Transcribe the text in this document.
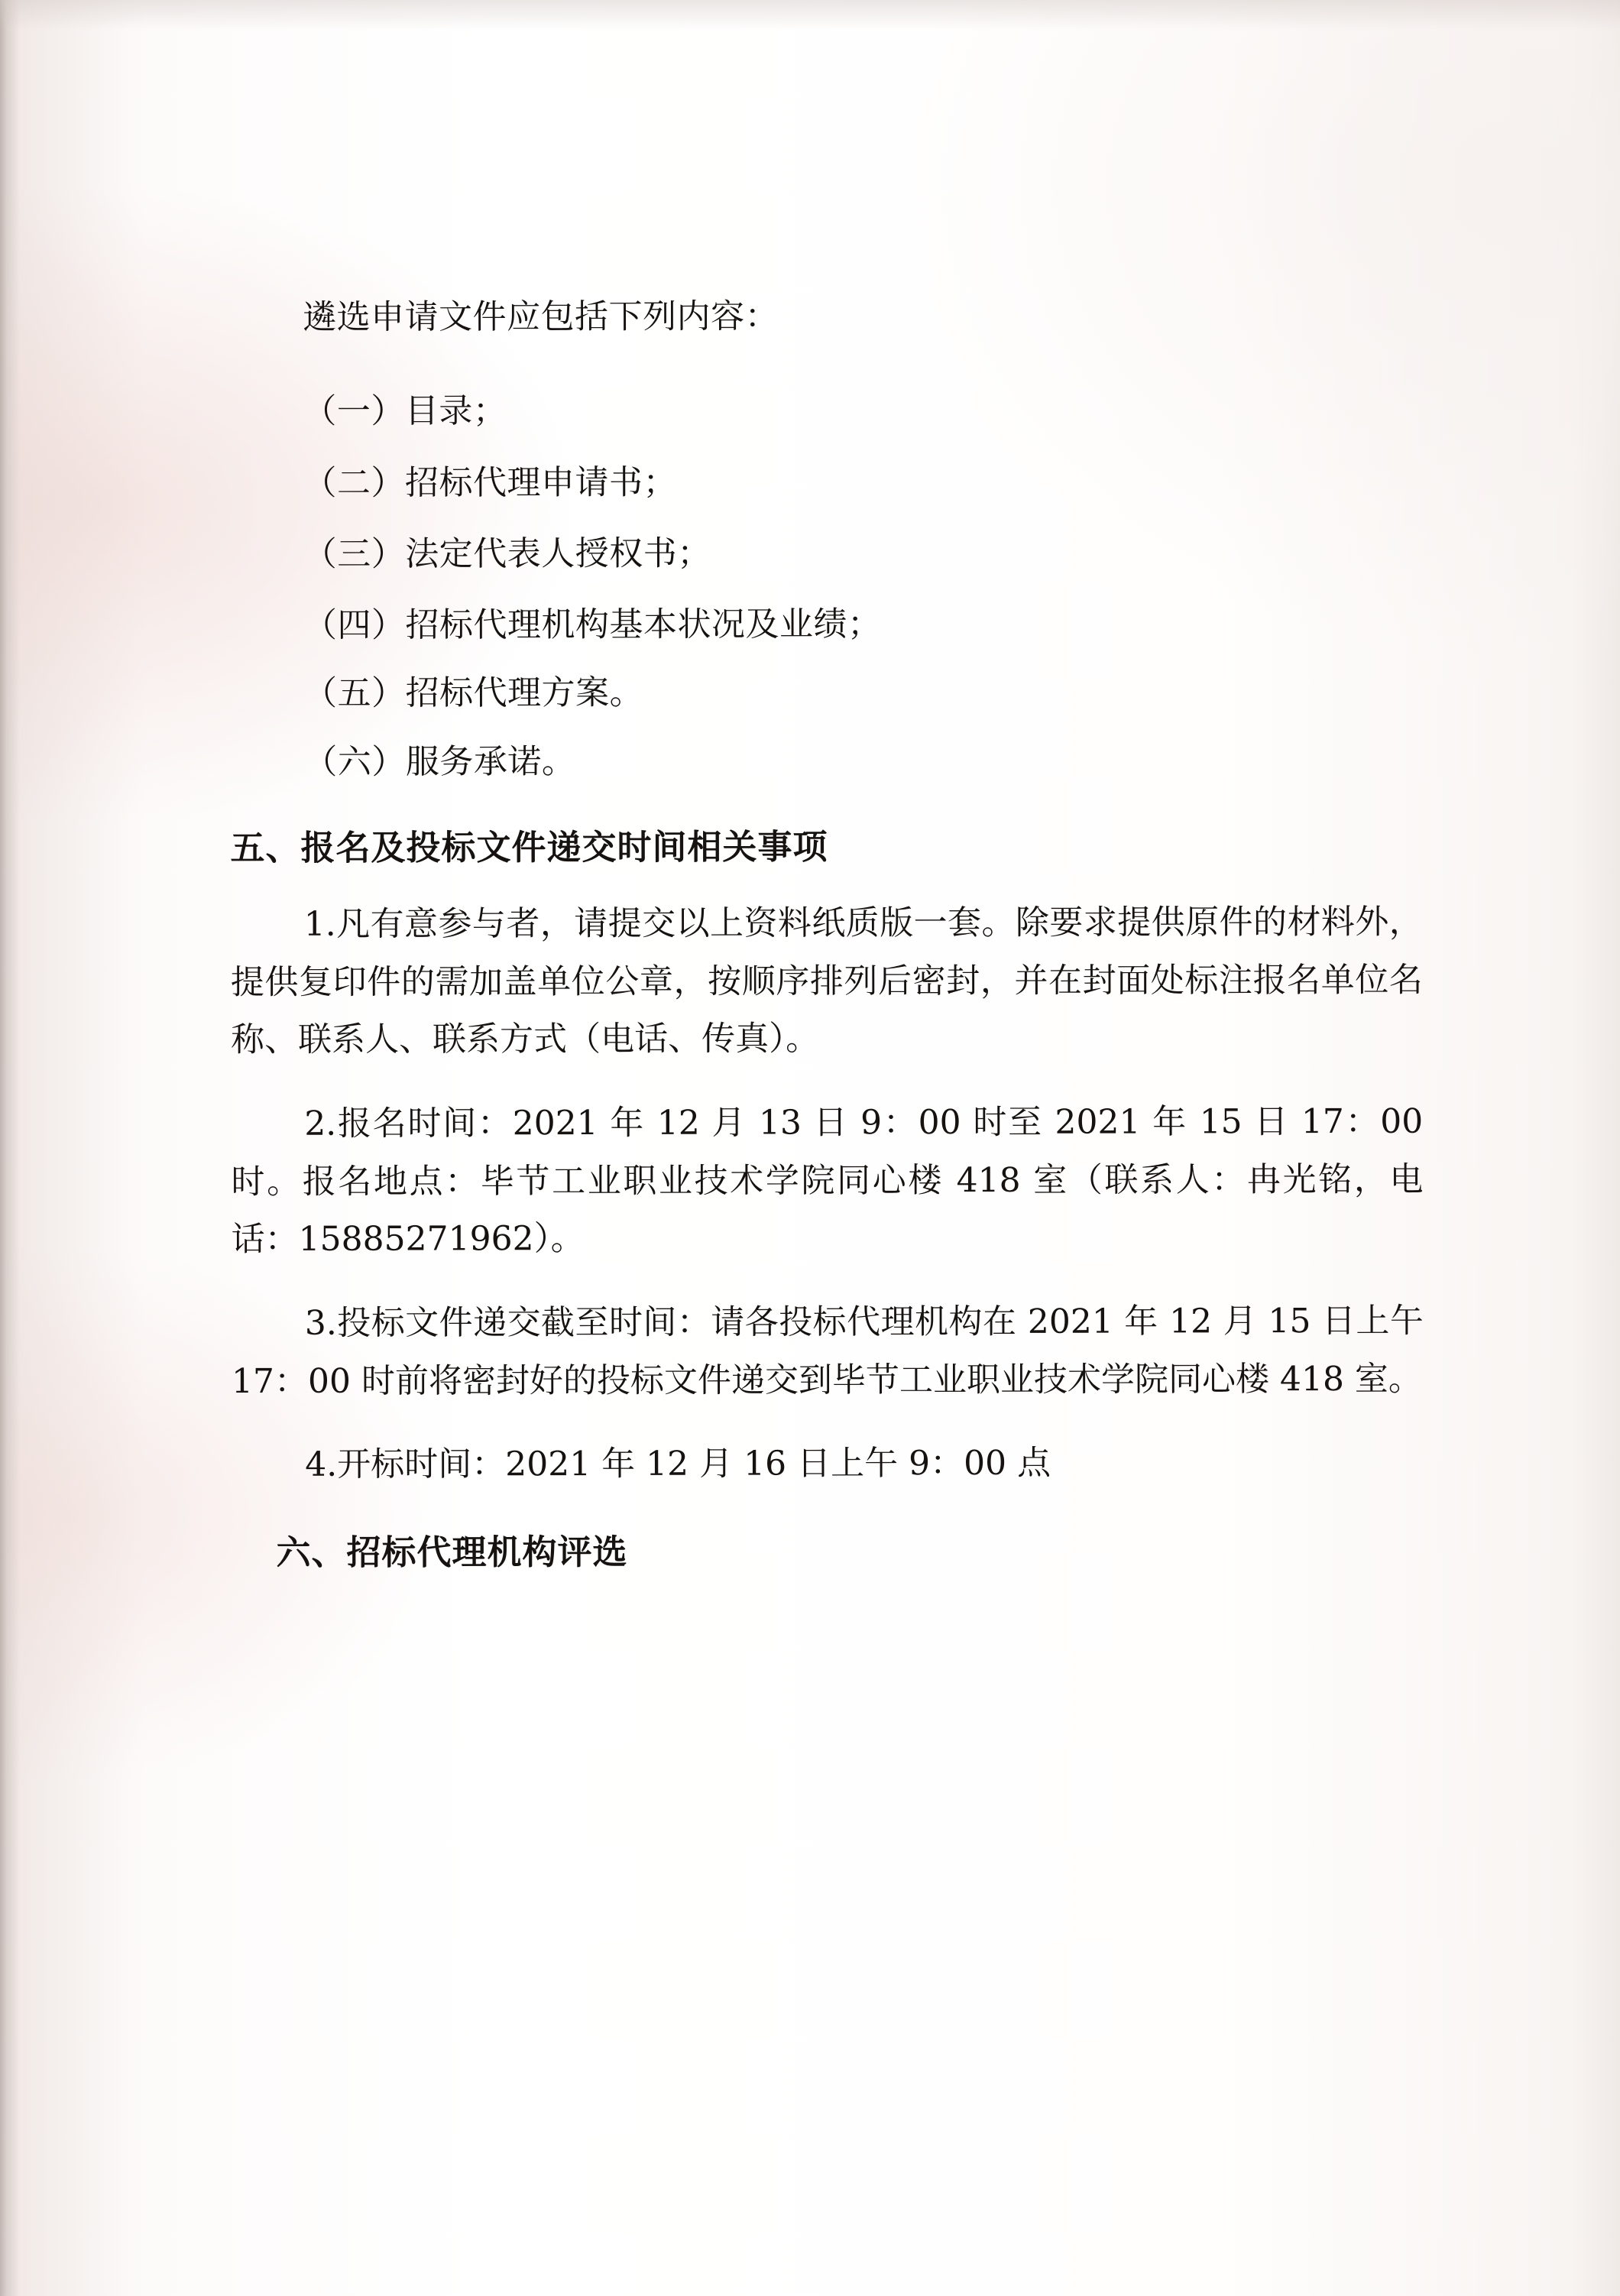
遴选申请文件应包括下列内容：
（一）目录；
（二）招标代理申请书；
（三）法定代表人授权书；
（四）招标代理机构基本状况及业绩；
（五）招标代理方案。
（六）服务承诺。
五、报名及投标文件递交时间相关事项
1.凡有意参与者，请提交以上资料纸质版一套。除要求提供原件的材料外，提供复印件的需加盖单位公章，按顺序排列后密封，并在封面处标注报名单位名称、联系人、联系方式（电话、传真）。
2.报名时间：2021 年 12 月 13 日 9：00 时至 2021 年 15 日 17：00 时。报名地点：毕节工业职业技术学院同心楼 418 室（联系人：冉光铭，电话：15885271962）。
3.投标文件递交截至时间：请各投标代理机构在 2021 年 12 月 15 日上午 17：00 时前将密封好的投标文件递交到毕节工业职业技术学院同心楼 418 室。
4.开标时间：2021 年 12 月 16 日上午 9：00 点
六、招标代理机构评选
